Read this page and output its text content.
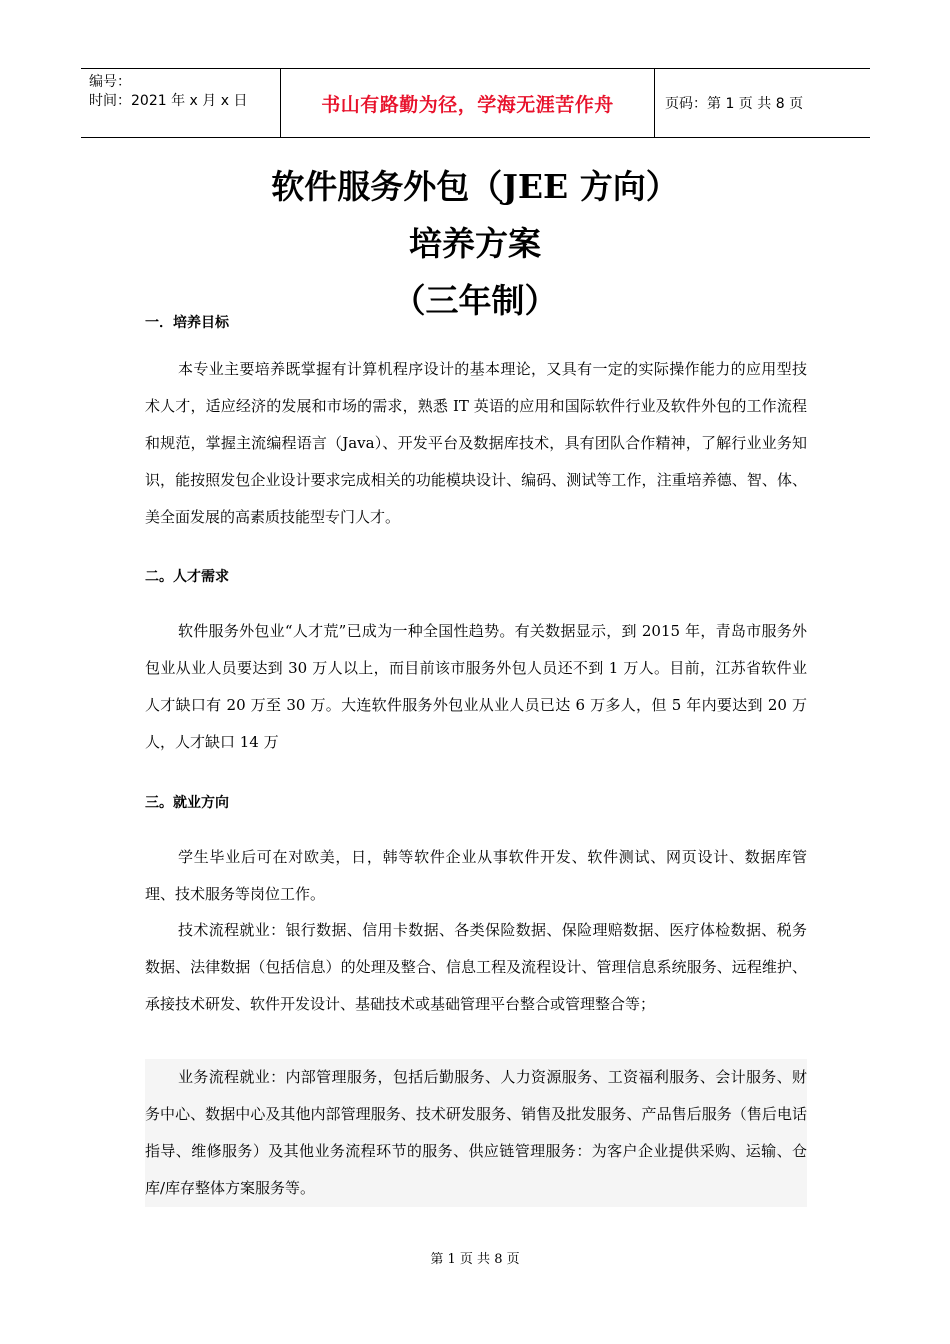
编号：
时间：2021 年 x 月 x 日	书山有路勤为径，学海无涯苦作舟	页码：第 1 页 共 8 页
软件服务外包（JEE 方向）
培养方案
（三年制）
一．培养目标
本专业主要培养既掌握有计算机程序设计的基本理论，又具有一定的实际操作能力的应用型技术人才，适应经济的发展和市场的需求，熟悉 IT 英语的应用和国际软件行业及软件外包的工作流程和规范，掌握主流编程语言（Java）、开发平台及数据库技术，具有团队合作精神，了解行业业务知识，能按照发包企业设计要求完成相关的功能模块设计、编码、测试等工作，注重培养德、智、体、美全面发展的高素质技能型专门人才。
二。人才需求
软件服务外包业“人才荒”已成为一种全国性趋势。有关数据显示，到 2015 年，青岛市服务外包业从业人员要达到 30 万人以上，而目前该市服务外包人员还不到 1 万人。目前，江苏省软件业人才缺口有 20 万至 30 万。大连软件服务外包业从业人员已达 6 万多人，但 5 年内要达到 20 万人，人才缺口 14 万
三。就业方向
学生毕业后可在对欧美，日，韩等软件企业从事软件开发、软件测试、网页设计、数据库管理、技术服务等岗位工作。
技术流程就业：银行数据、信用卡数据、各类保险数据、保险理赔数据、医疗体检数据、税务数据、法律数据（包括信息）的处理及整合、信息工程及流程设计、管理信息系统服务、远程维护、承接技术研发、软件开发设计、基础技术或基础管理平台整合或管理整合等；
业务流程就业：内部管理服务，包括后勤服务、人力资源服务、工资福利服务、会计服务、财务中心、数据中心及其他内部管理服务、技术研发服务、销售及批发服务、产品售后服务（售后电话指导、维修服务）及其他业务流程环节的服务、供应链管理服务：为客户企业提供采购、运输、仓库/库存整体方案服务等。
第 1 页 共 8 页
